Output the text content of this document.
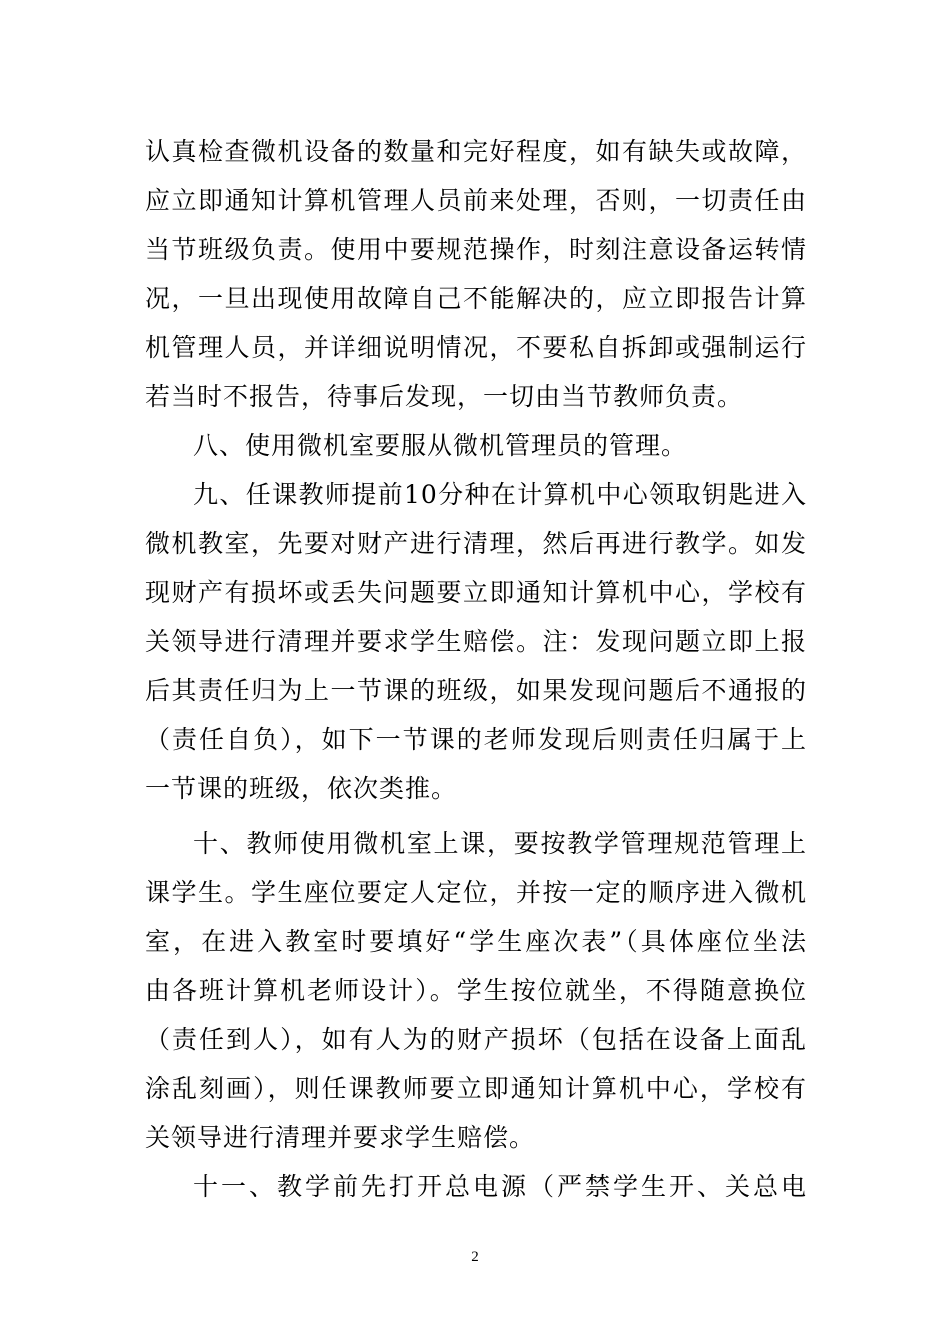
认真检查微机设备的数量和完好程度，如有缺失或故障，
应立即通知计算机管理人员前来处理，否则，一切责任由
当节班级负责。使用中要规范操作，时刻注意设备运转情
况，一旦出现使用故障自己不能解决的，应立即报告计算
机管理人员，并详细说明情况，不要私自拆卸或强制运行
若当时不报告，待事后发现，一切由当节教师负责。
八、使用微机室要服从微机管理员的管理。
九、任课教师提前10分种在计算机中心领取钥匙进入
微机教室，先要对财产进行清理，然后再进行教学。如发
现财产有损坏或丢失问题要立即通知计算机中心，学校有
关领导进行清理并要求学生赔偿。注：发现问题立即上报
后其责任归为上一节课的班级，如果发现问题后不通报的
（责任自负），如下一节课的老师发现后则责任归属于上
一节课的班级，依次类推。
十、教师使用微机室上课，要按教学管理规范管理上
课学生。学生座位要定人定位，并按一定的顺序进入微机
室，在进入教室时要填好“学生座次表”（具体座位坐法
由各班计算机老师设计）。学生按位就坐，不得随意换位
（责任到人），如有人为的财产损坏（包括在设备上面乱
涂乱刻画），则任课教师要立即通知计算机中心，学校有
关领导进行清理并要求学生赔偿。
十一、教学前先打开总电源（严禁学生开、关总电
2
